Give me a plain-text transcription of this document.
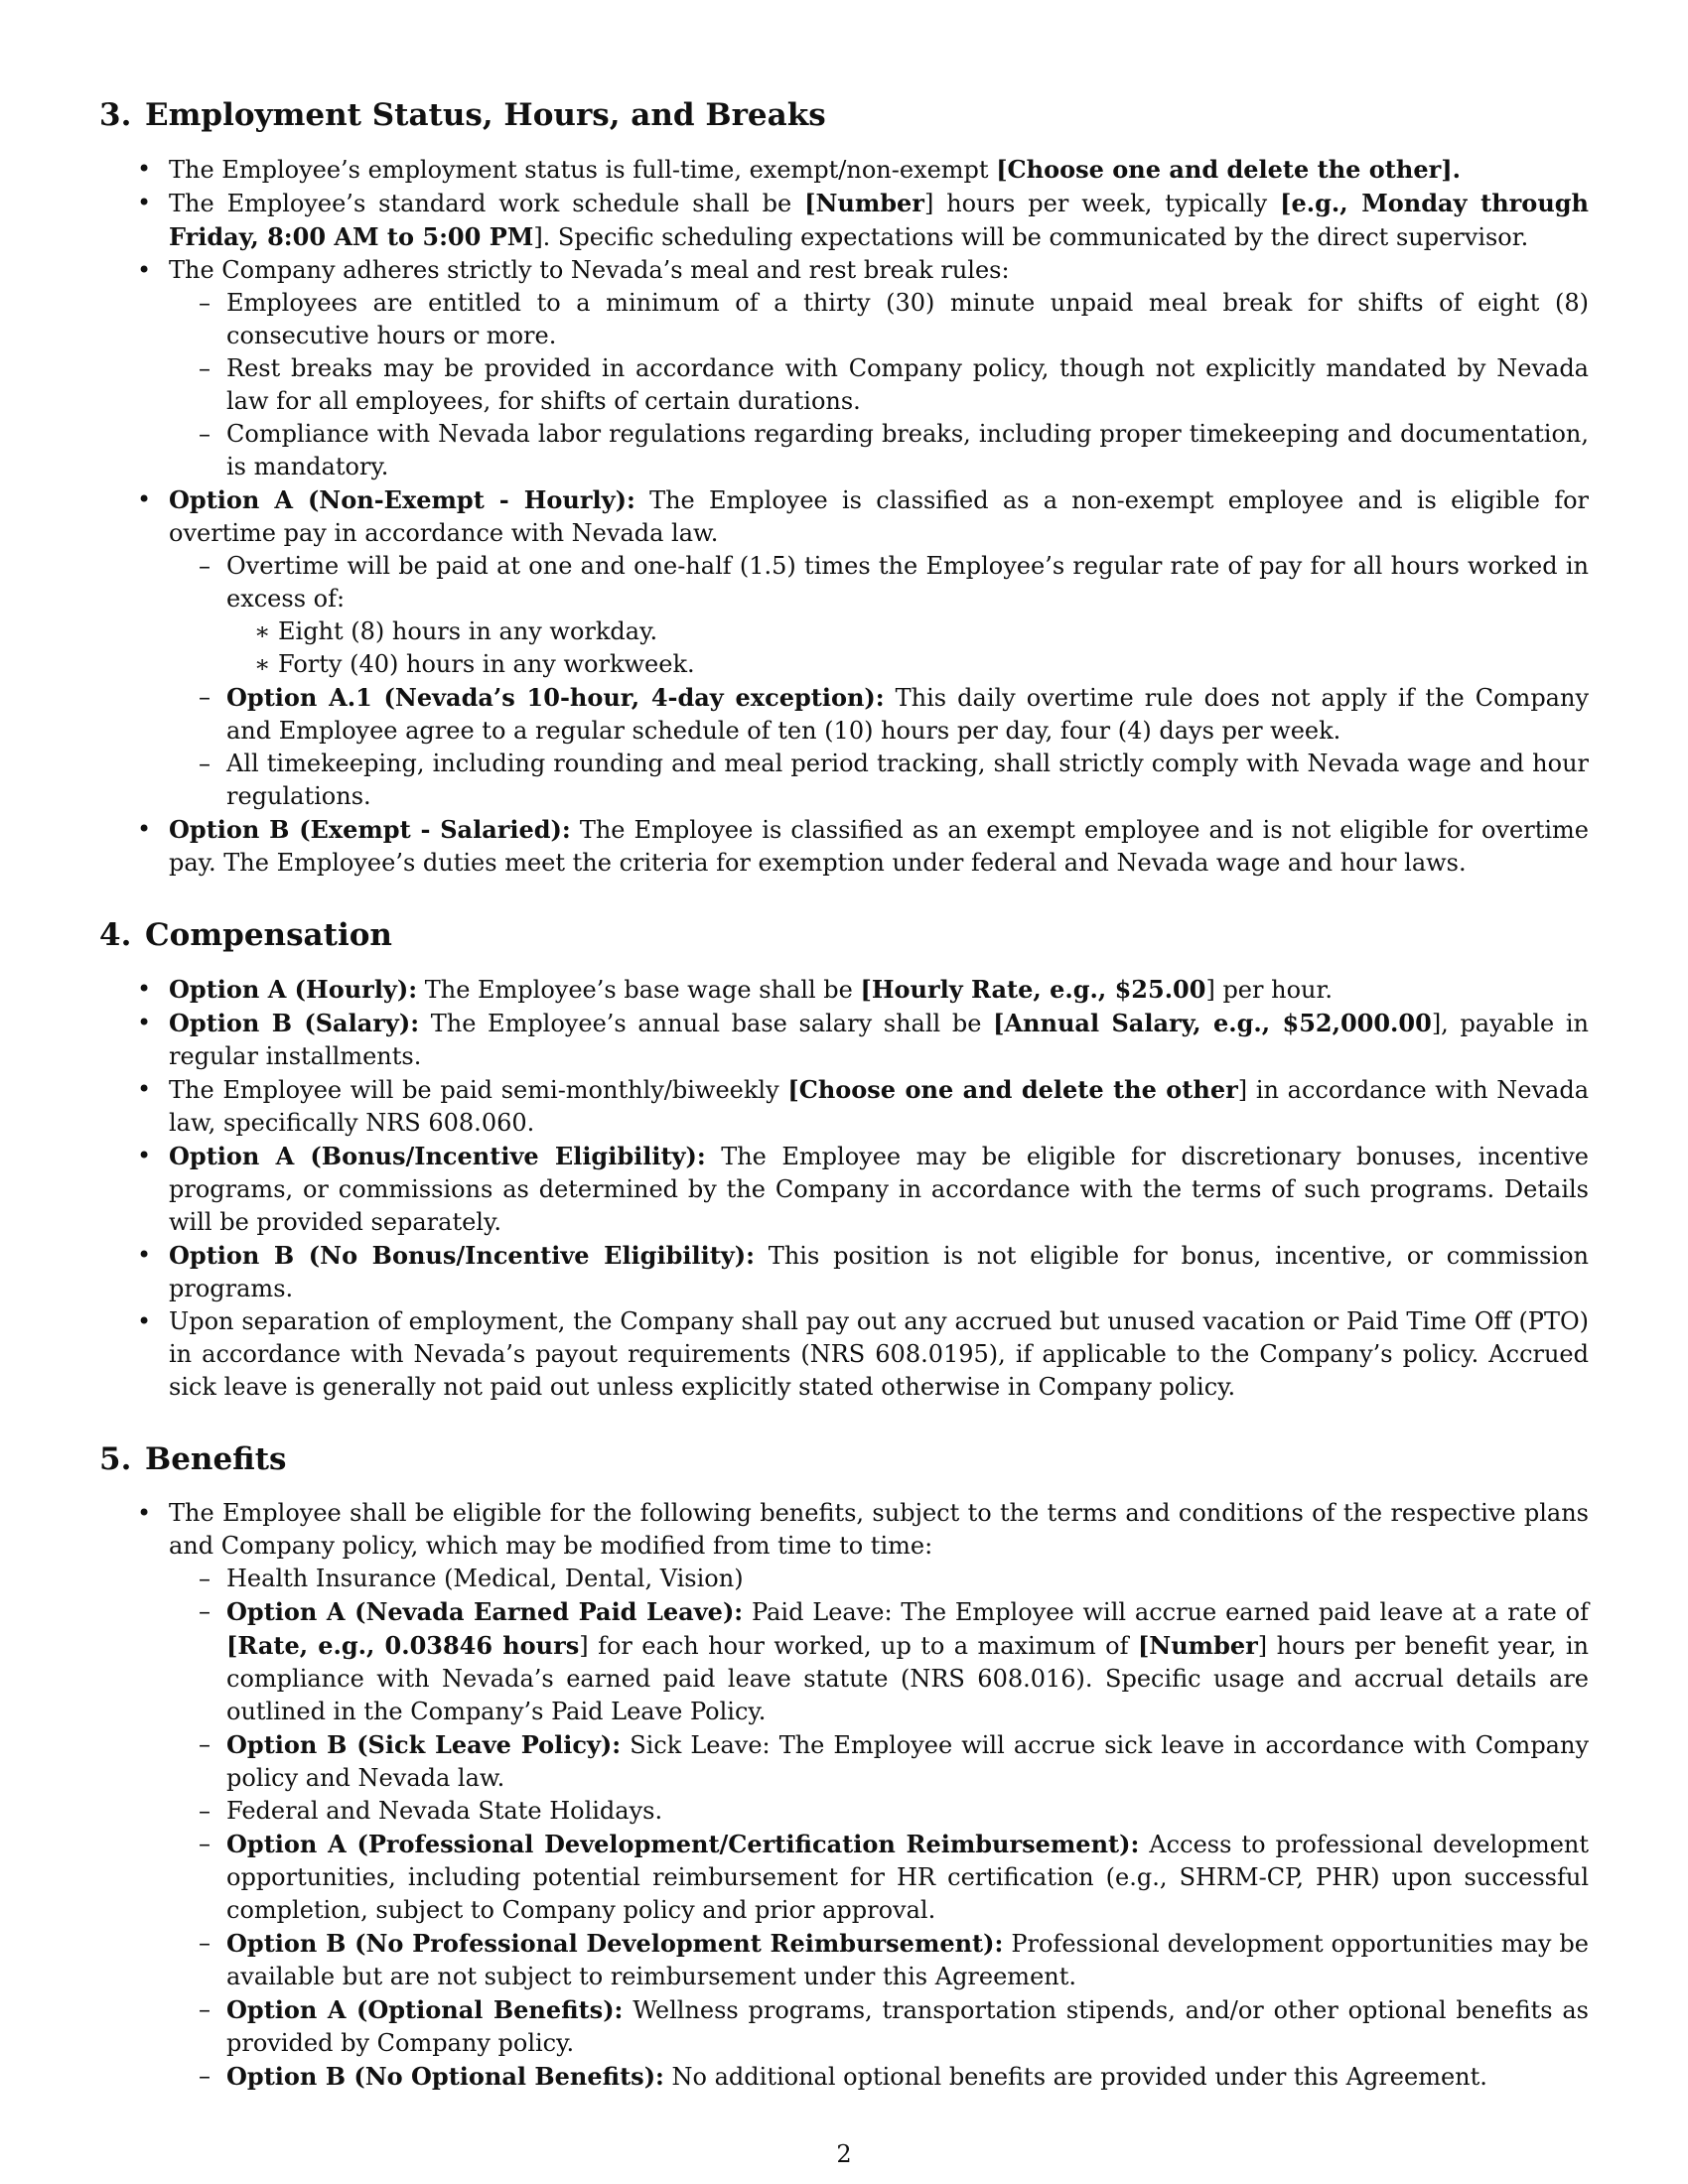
3. Employment Status, Hours, and Breaks
• The Employee’s employment status is full-time, exempt/non-exempt [Choose one and delete the other].
• The Employee’s standard work schedule shall be [Number] hours per week, typically [e.g., Monday through Friday, 8:00 AM to 5:00 PM]. Specific scheduling expectations will be communicated by the direct supervisor.
• The Company adheres strictly to Nevada’s meal and rest break rules:
– Employees are entitled to a minimum of a thirty (30) minute unpaid meal break for shifts of eight (8) consecutive hours or more.
– Rest breaks may be provided in accordance with Company policy, though not explicitly mandated by Nevada law for all employees, for shifts of certain durations.
– Compliance with Nevada labor regulations regarding breaks, including proper timekeeping and documentation, is mandatory.
• Option A (Non-Exempt - Hourly): The Employee is classified as a non-exempt employee and is eligible for overtime pay in accordance with Nevada law.
– Overtime will be paid at one and one-half (1.5) times the Employee’s regular rate of pay for all hours worked in excess of:
∗ Eight (8) hours in any workday.
∗ Forty (40) hours in any workweek.
– Option A.1 (Nevada’s 10-hour, 4-day exception): This daily overtime rule does not apply if the Company and Employee agree to a regular schedule of ten (10) hours per day, four (4) days per week.
– All timekeeping, including rounding and meal period tracking, shall strictly comply with Nevada wage and hour regulations.
• Option B (Exempt - Salaried): The Employee is classified as an exempt employee and is not eligible for overtime pay. The Employee’s duties meet the criteria for exemption under federal and Nevada wage and hour laws.
4. Compensation
• Option A (Hourly): The Employee’s base wage shall be [Hourly Rate, e.g., $25.00] per hour.
• Option B (Salary): The Employee’s annual base salary shall be [Annual Salary, e.g., $52,000.00], payable in regular installments.
• The Employee will be paid semi-monthly/biweekly [Choose one and delete the other] in accordance with Nevada law, specifically NRS 608.060.
• Option A (Bonus/Incentive Eligibility): The Employee may be eligible for discretionary bonuses, incentive programs, or commissions as determined by the Company in accordance with the terms of such programs. Details will be provided separately.
• Option B (No Bonus/Incentive Eligibility): This position is not eligible for bonus, incentive, or commission programs.
• Upon separation of employment, the Company shall pay out any accrued but unused vacation or Paid Time Off (PTO) in accordance with Nevada’s payout requirements (NRS 608.0195), if applicable to the Company’s policy. Accrued sick leave is generally not paid out unless explicitly stated otherwise in Company policy.
5. Benefits
• The Employee shall be eligible for the following benefits, subject to the terms and conditions of the respective plans and Company policy, which may be modified from time to time:
– Health Insurance (Medical, Dental, Vision)
– Option A (Nevada Earned Paid Leave): Paid Leave: The Employee will accrue earned paid leave at a rate of [Rate, e.g., 0.03846 hours] for each hour worked, up to a maximum of [Number] hours per benefit year, in compliance with Nevada’s earned paid leave statute (NRS 608.016). Specific usage and accrual details are outlined in the Company’s Paid Leave Policy.
– Option B (Sick Leave Policy): Sick Leave: The Employee will accrue sick leave in accordance with Company policy and Nevada law.
– Federal and Nevada State Holidays.
– Option A (Professional Development/Certification Reimbursement): Access to professional development opportunities, including potential reimbursement for HR certification (e.g., SHRM-CP, PHR) upon successful completion, subject to Company policy and prior approval.
– Option B (No Professional Development Reimbursement): Professional development opportunities may be available but are not subject to reimbursement under this Agreement.
– Option A (Optional Benefits): Wellness programs, transportation stipends, and/or other optional benefits as provided by Company policy.
– Option B (No Optional Benefits): No additional optional benefits are provided under this Agreement.
2
